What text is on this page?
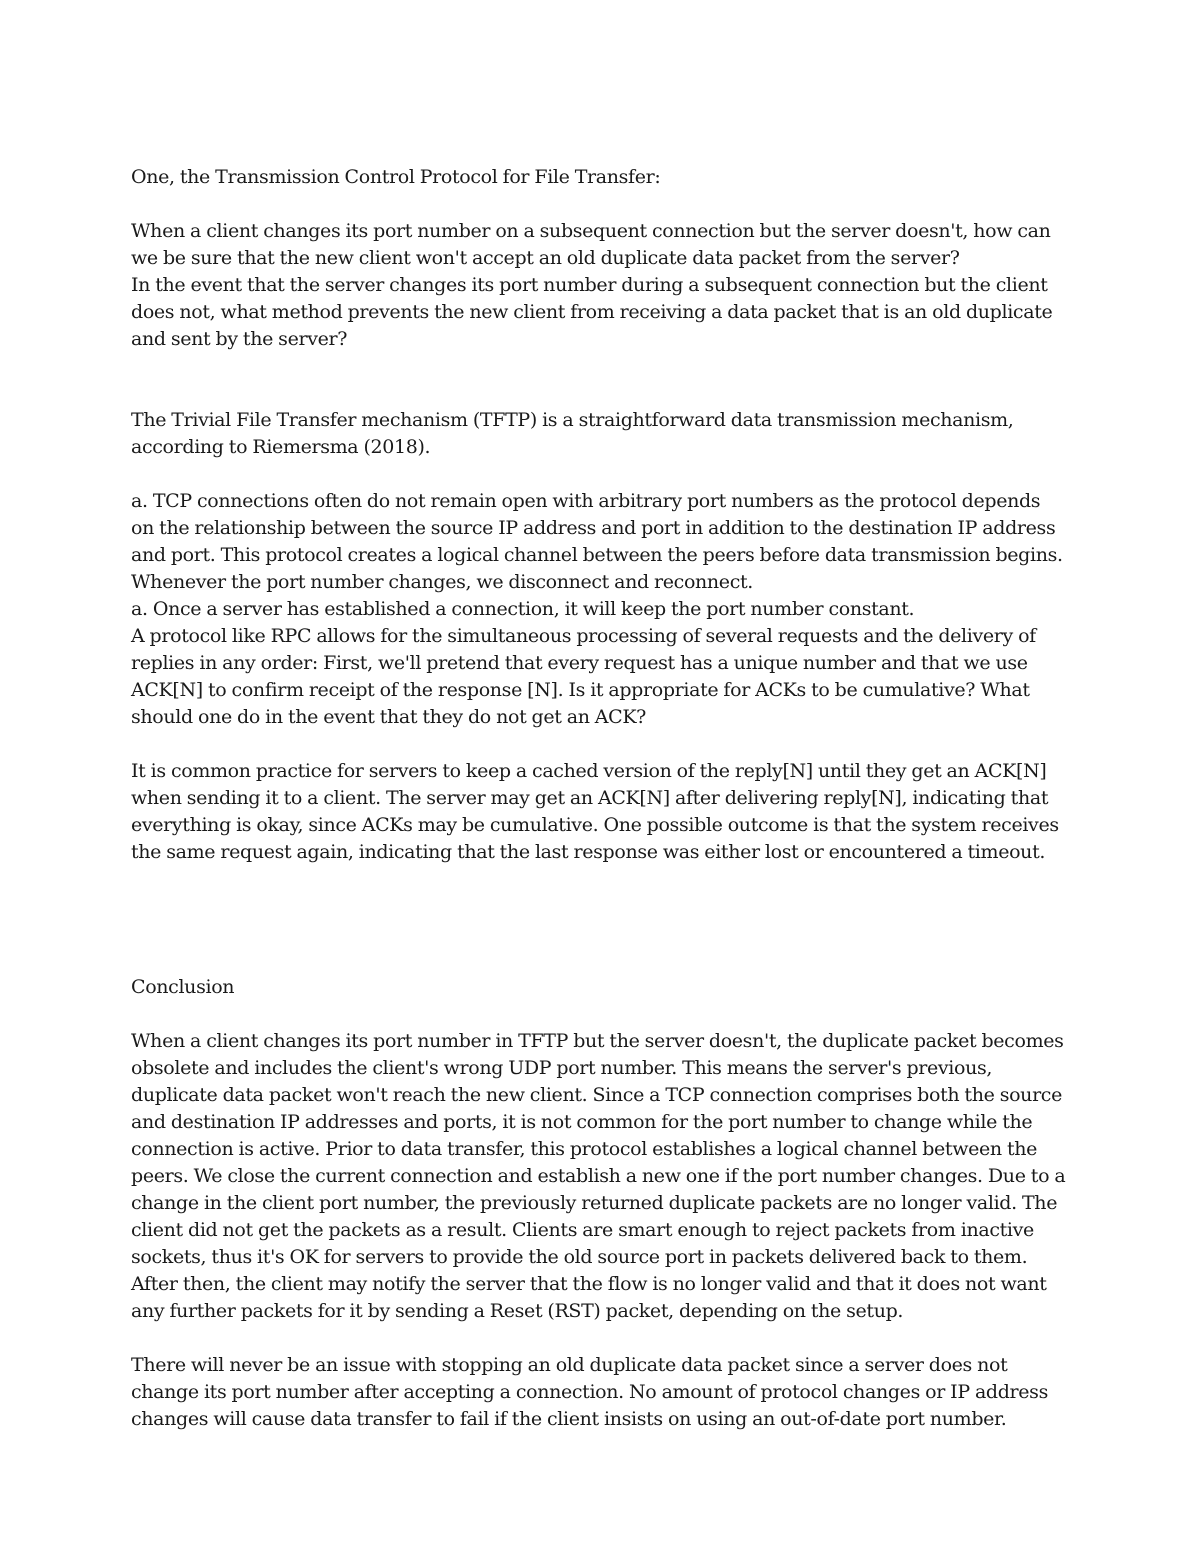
One, the Transmission Control Protocol for File Transfer:

When a client changes its port number on a subsequent connection but the server doesn't, how can we be sure that the new client won't accept an old duplicate data packet from the server?

In the event that the server changes its port number during a subsequent connection but the client does not, what method prevents the new client from receiving a data packet that is an old duplicate and sent by the server?

The Trivial File Transfer mechanism (TFTP) is a straightforward data transmission mechanism, according to Riemersma (2018).

a. TCP connections often do not remain open with arbitrary port numbers as the protocol depends on the relationship between the source IP address and port in addition to the destination IP address and port. This protocol creates a logical channel between the peers before data transmission begins. Whenever the port number changes, we disconnect and reconnect.

a. Once a server has established a connection, it will keep the port number constant.

A protocol like RPC allows for the simultaneous processing of several requests and the delivery of replies in any order: First, we'll pretend that every request has a unique number and that we use ACK[N] to confirm receipt of the response [N]. Is it appropriate for ACKs to be cumulative? What should one do in the event that they do not get an ACK?

It is common practice for servers to keep a cached version of the reply[N] until they get an ACK[N] when sending it to a client. The server may get an ACK[N] after delivering reply[N], indicating that everything is okay, since ACKs may be cumulative. One possible outcome is that the system receives the same request again, indicating that the last response was either lost or encountered a timeout.

Conclusion

When a client changes its port number in TFTP but the server doesn't, the duplicate packet becomes obsolete and includes the client's wrong UDP port number. This means the server's previous, duplicate data packet won't reach the new client. Since a TCP connection comprises both the source and destination IP addresses and ports, it is not common for the port number to change while the connection is active. Prior to data transfer, this protocol establishes a logical channel between the peers. We close the current connection and establish a new one if the port number changes. Due to a change in the client port number, the previously returned duplicate packets are no longer valid. The client did not get the packets as a result. Clients are smart enough to reject packets from inactive sockets, thus it's OK for servers to provide the old source port in packets delivered back to them. After then, the client may notify the server that the flow is no longer valid and that it does not want any further packets for it by sending a Reset (RST) packet, depending on the setup.

There will never be an issue with stopping an old duplicate data packet since a server does not change its port number after accepting a connection. No amount of protocol changes or IP address changes will cause data transfer to fail if the client insists on using an out-of-date port number.
